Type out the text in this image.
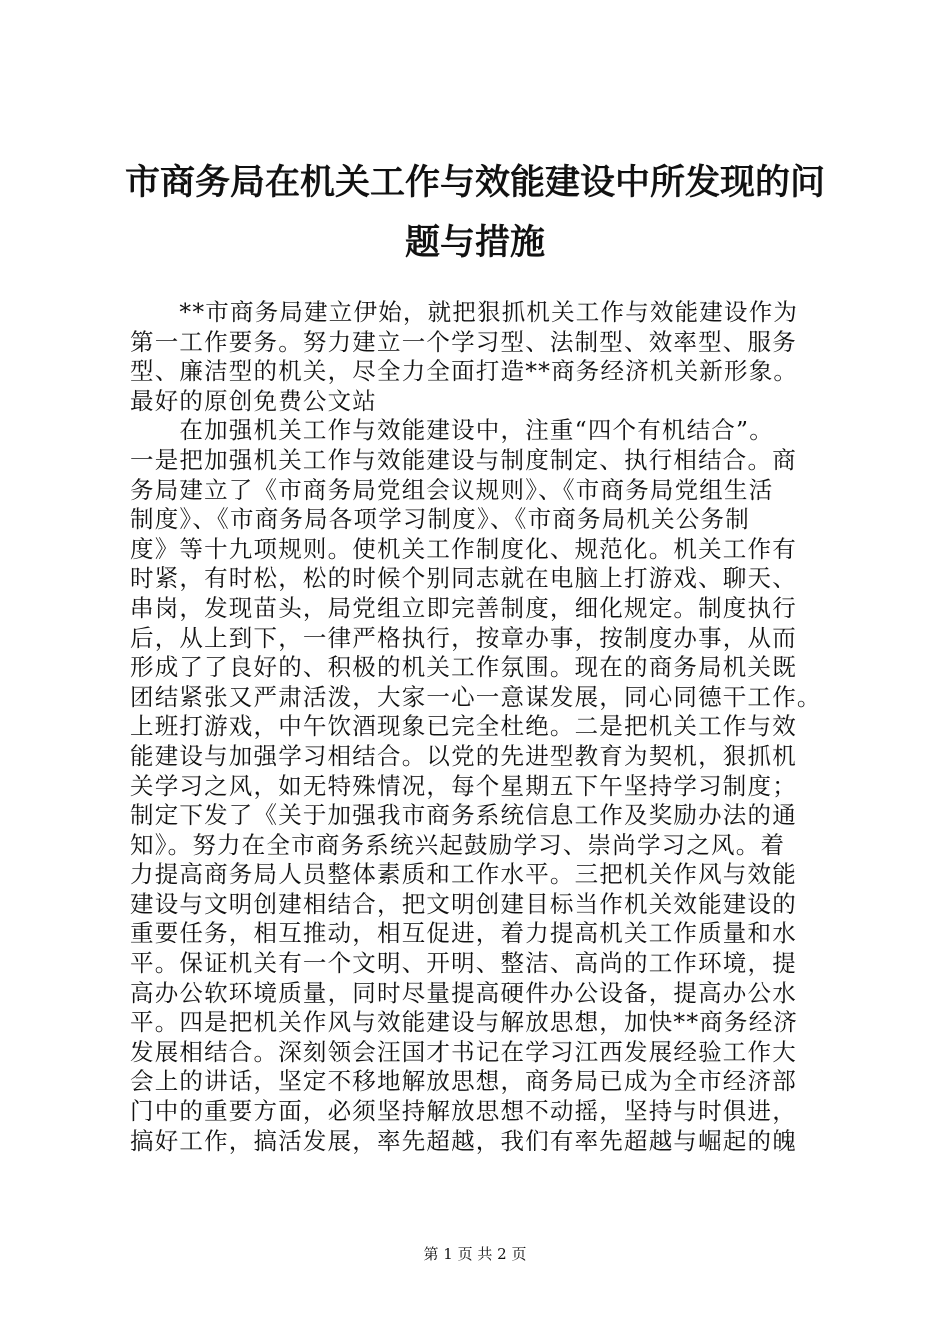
市商务局在机关工作与效能建设中所发现的问
题与措施
　　**市商务局建立伊始，就把狠抓机关工作与效能建设作为
第一工作要务。努力建立一个学习型、法制型、效率型、服务
型、廉洁型的机关，尽全力全面打造**商务经济机关新形象。
最好的原创免费公文站
　　在加强机关工作与效能建设中，注重“四个有机结合”。
一是把加强机关工作与效能建设与制度制定、执行相结合。商
务局建立了《市商务局党组会议规则》、《市商务局党组生活
制度》、《市商务局各项学习制度》、《市商务局机关公务制
度》等十九项规则。使机关工作制度化、规范化。机关工作有
时紧，有时松，松的时候个别同志就在电脑上打游戏、聊天、
串岗，发现苗头，局党组立即完善制度，细化规定。制度执行
后，从上到下，一律严格执行，按章办事，按制度办事，从而
形成了了良好的、积极的机关工作氛围。现在的商务局机关既
团结紧张又严肃活泼，大家一心一意谋发展，同心同德干工作。
上班打游戏，中午饮酒现象已完全杜绝。二是把机关工作与效
能建设与加强学习相结合。以党的先进型教育为契机，狠抓机
关学习之风，如无特殊情况，每个星期五下午坚持学习制度；
制定下发了《关于加强我市商务系统信息工作及奖励办法的通
知》。努力在全市商务系统兴起鼓励学习、崇尚学习之风。着
力提高商务局人员整体素质和工作水平。三把机关作风与效能
建设与文明创建相结合，把文明创建目标当作机关效能建设的
重要任务，相互推动，相互促进，着力提高机关工作质量和水
平。保证机关有一个文明、开明、整洁、高尚的工作环境，提
高办公软环境质量，同时尽量提高硬件办公设备，提高办公水
平。四是把机关作风与效能建设与解放思想，加快**商务经济
发展相结合。深刻领会汪国才书记在学习江西发展经验工作大
会上的讲话，坚定不移地解放思想，商务局已成为全市经济部
门中的重要方面，必须坚持解放思想不动摇，坚持与时俱进，
搞好工作，搞活发展，率先超越，我们有率先超越与崛起的魄
第 1 页 共 2 页
